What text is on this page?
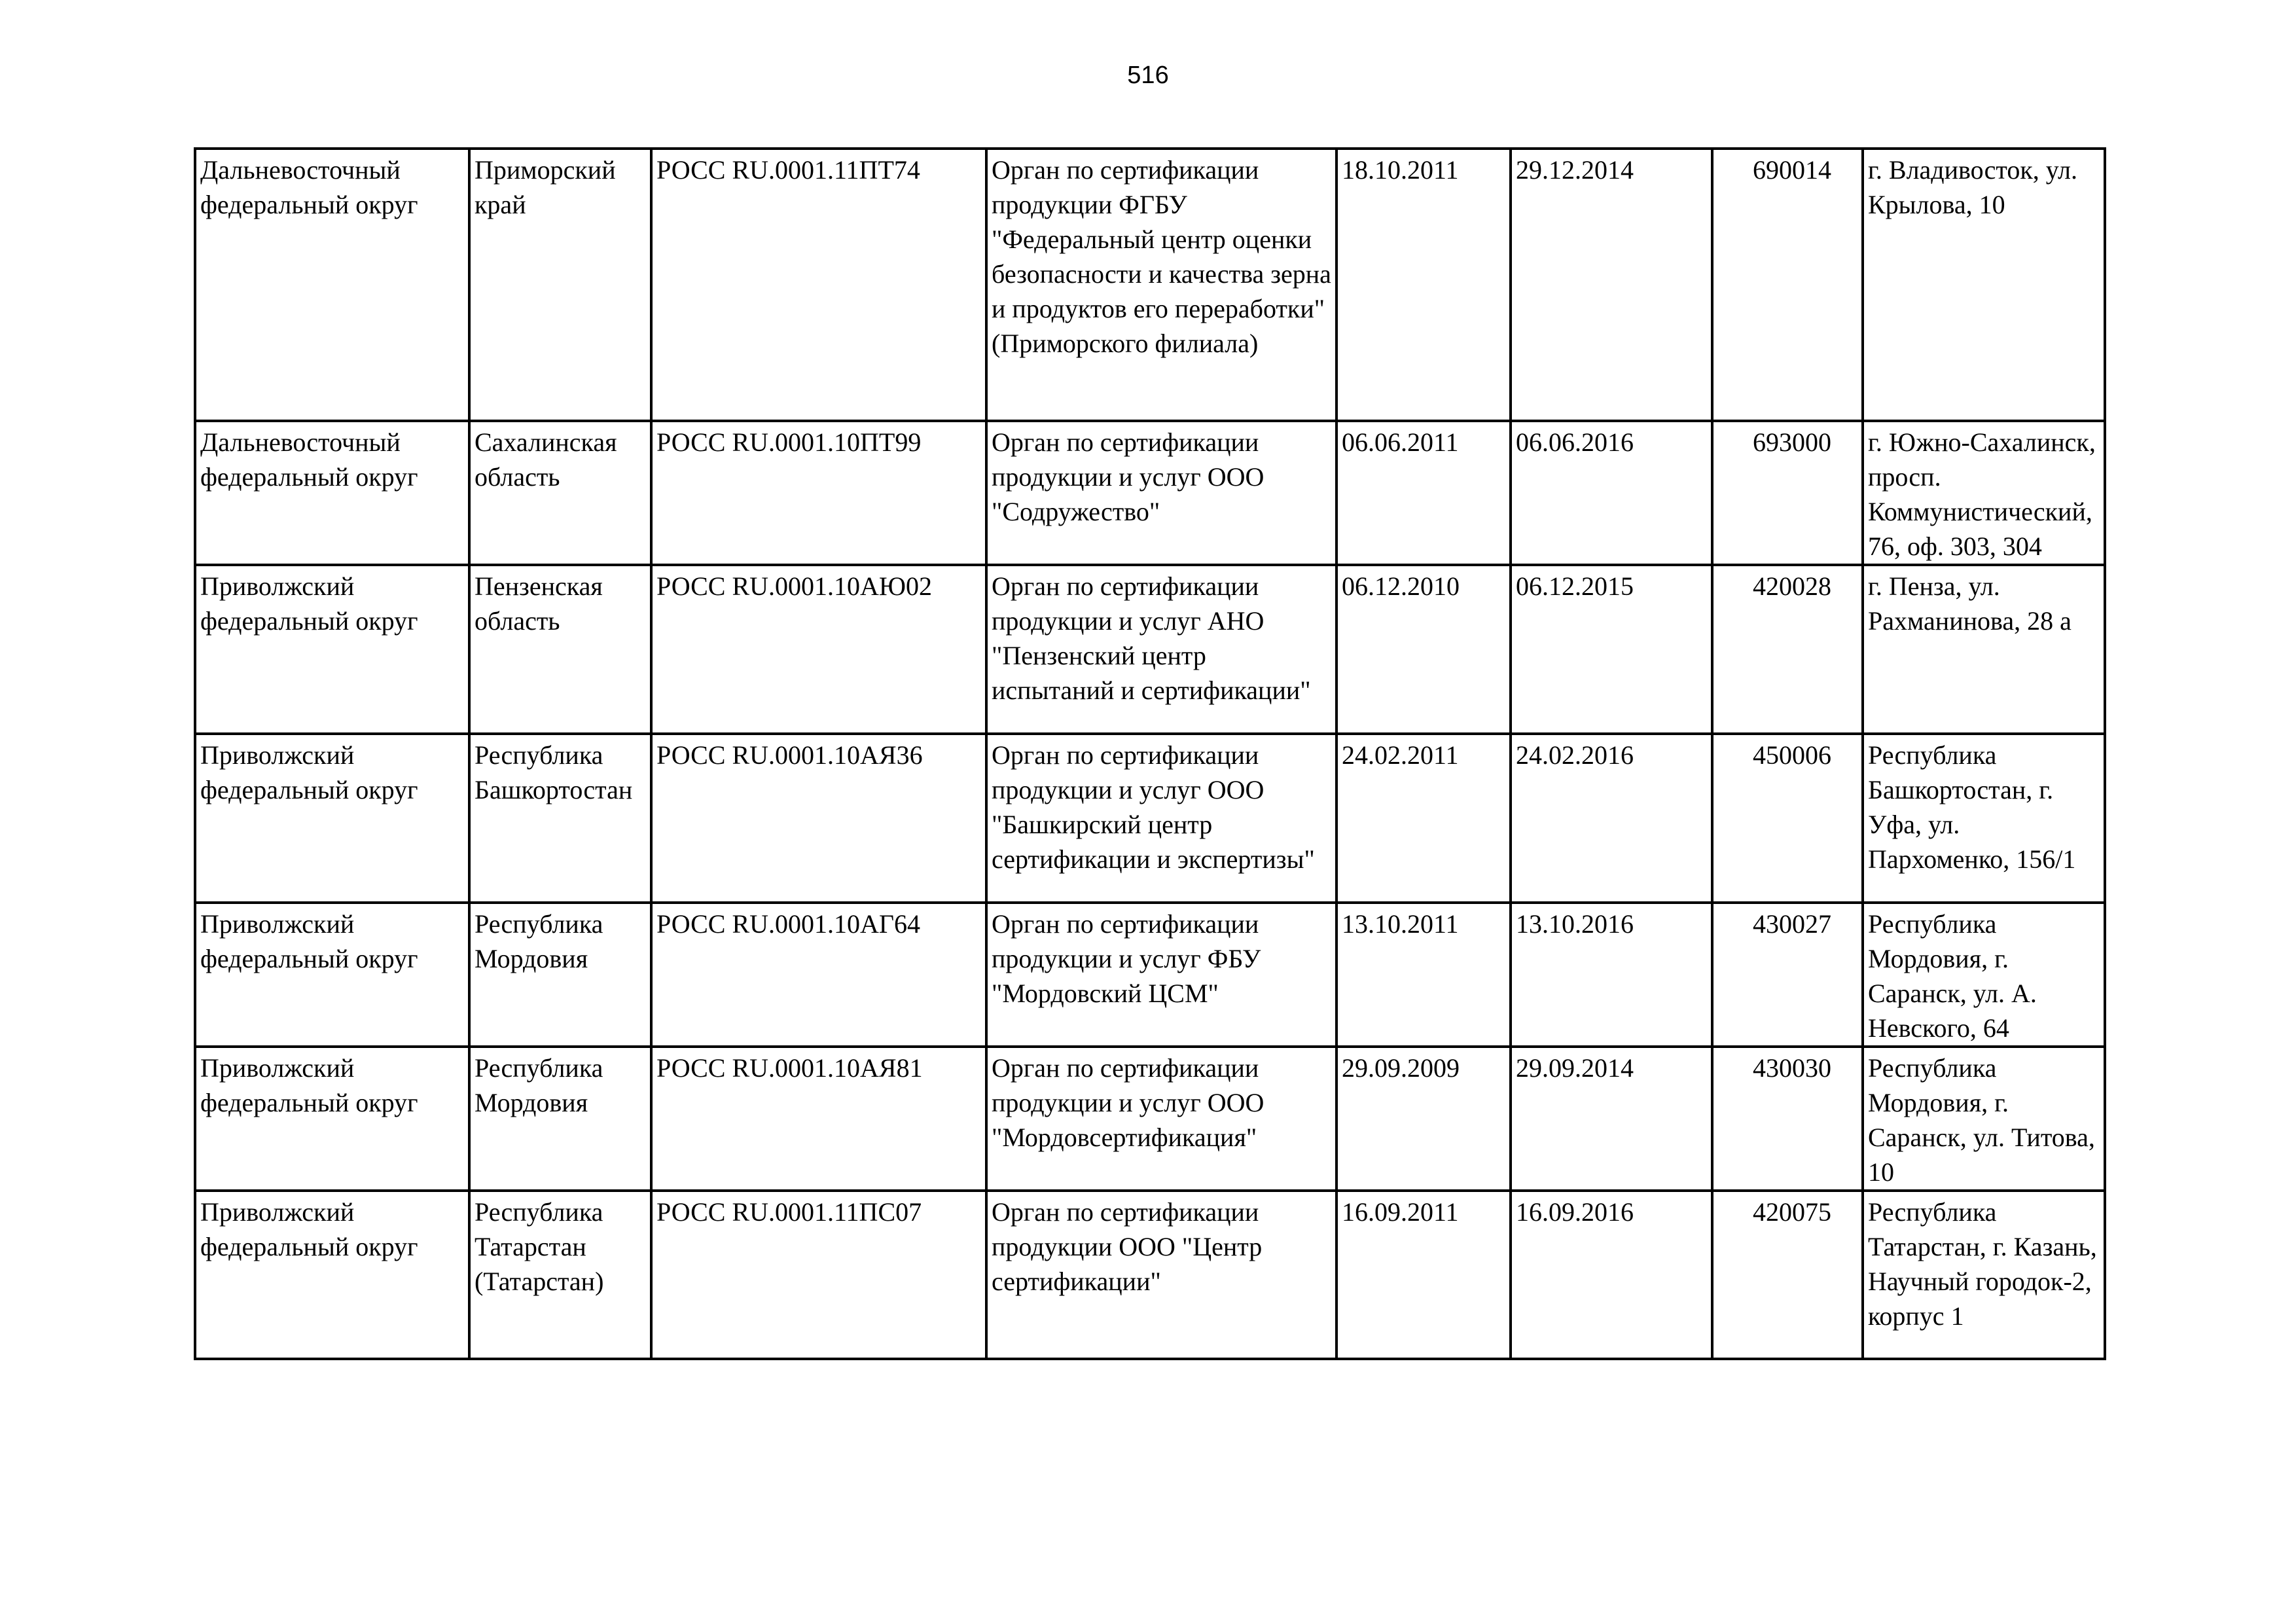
516
Дальневосточный федеральный округ	Приморский край	РОСС RU.0001.11ПТ74	Орган по сертификации продукции ФГБУ "Федеральный центр оценки безопасности и качества зерна и продуктов его переработки" (Приморского филиала)	18.10.2011	29.12.2014	690014	г. Владивосток, ул. Крылова, 10
Дальневосточный федеральный округ	Сахалинская область	РОСС RU.0001.10ПТ99	Орган по сертификации продукции и услуг ООО "Содружество"	06.06.2011	06.06.2016	693000	г. Южно-Сахалинск, просп. Коммунистический, 76, оф. 303, 304
Приволжский федеральный округ	Пензенская область	РОСС RU.0001.10АЮ02	Орган по сертификации продукции и услуг АНО "Пензенский центр испытаний и сертификации"	06.12.2010	06.12.2015	420028	г. Пенза, ул. Рахманинова, 28 а
Приволжский федеральный округ	Республика Башкортостан	РОСС RU.0001.10АЯ36	Орган по сертификации продукции и услуг ООО "Башкирский центр сертификации и экспертизы"	24.02.2011	24.02.2016	450006	Республика Башкортостан, г. Уфа, ул. Пархоменко, 156/1
Приволжский федеральный округ	Республика Мордовия	РОСС RU.0001.10АГ64	Орган по сертификации продукции и услуг ФБУ "Мордовский ЦСМ"	13.10.2011	13.10.2016	430027	Республика Мордовия, г. Саранск, ул. А. Невского, 64
Приволжский федеральный округ	Республика Мордовия	РОСС RU.0001.10АЯ81	Орган по сертификации продукции и услуг ООО "Мордовсертификация"	29.09.2009	29.09.2014	430030	Республика Мордовия, г. Саранск, ул. Титова, 10
Приволжский федеральный округ	Республика Татарстан (Татарстан)	РОСС RU.0001.11ПС07	Орган по сертификации продукции ООО "Центр сертификации"	16.09.2011	16.09.2016	420075	Республика Татарстан, г. Казань, Научный городок-2, корпус 1
